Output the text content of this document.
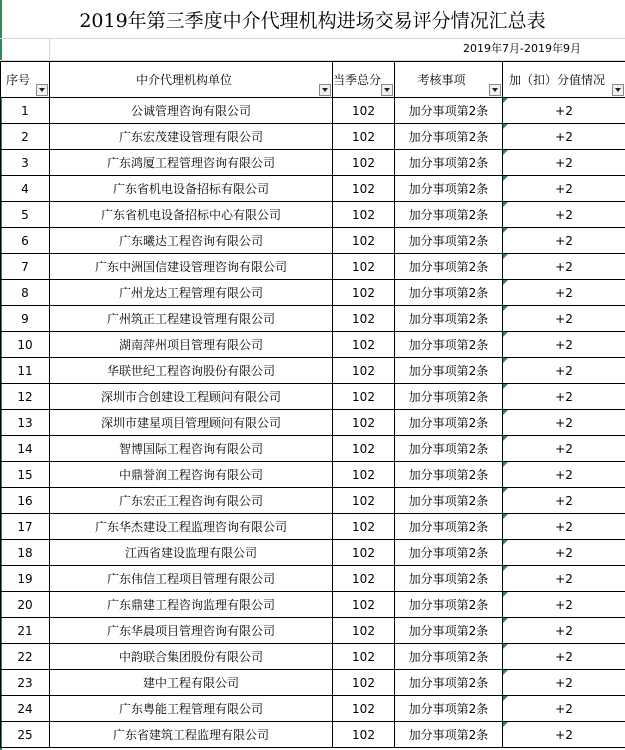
2019年第三季度中介代理机构进场交易评分情况汇总表
2019年7月-2019年9月
序号	中介代理机构单位	当季总分	考核事项	加（扣）分值情况

1	公诚管理咨询有限公司	102	加分事项第2条	+2
2	广东宏茂建设管理有限公司	102	加分事项第2条	+2
3	广东鸿厦工程管理咨询有限公司	102	加分事项第2条	+2
4	广东省机电设备招标有限公司	102	加分事项第2条	+2
5	广东省机电设备招标中心有限公司	102	加分事项第2条	+2
6	广东曦达工程咨询有限公司	102	加分事项第2条	+2
7	广东中洲国信建设管理咨询有限公司	102	加分事项第2条	+2
8	广州龙达工程管理有限公司	102	加分事项第2条	+2
9	广州筑正工程建设管理有限公司	102	加分事项第2条	+2
10	湖南萍州项目管理有限公司	102	加分事项第2条	+2
11	华联世纪工程咨询股份有限公司	102	加分事项第2条	+2
12	深圳市合创建设工程顾问有限公司	102	加分事项第2条	+2
13	深圳市建星项目管理顾问有限公司	102	加分事项第2条	+2
14	智博国际工程咨询有限公司	102	加分事项第2条	+2
15	中鼎誉润工程咨询有限公司	102	加分事项第2条	+2
16	广东宏正工程咨询有限公司	102	加分事项第2条	+2
17	广东华杰建设工程监理咨询有限公司	102	加分事项第2条	+2
18	江西省建设监理有限公司	102	加分事项第2条	+2
19	广东伟信工程项目管理有限公司	102	加分事项第2条	+2
20	广东鼎建工程咨询监理有限公司	102	加分事项第2条	+2
21	广东华晨项目管理咨询有限公司	102	加分事项第2条	+2
22	中韵联合集团股份有限公司	102	加分事项第2条	+2
23	建中工程有限公司	102	加分事项第2条	+2
24	广东粤能工程管理有限公司	102	加分事项第2条	+2
25	广东省建筑工程监理有限公司	102	加分事项第2条	+2
